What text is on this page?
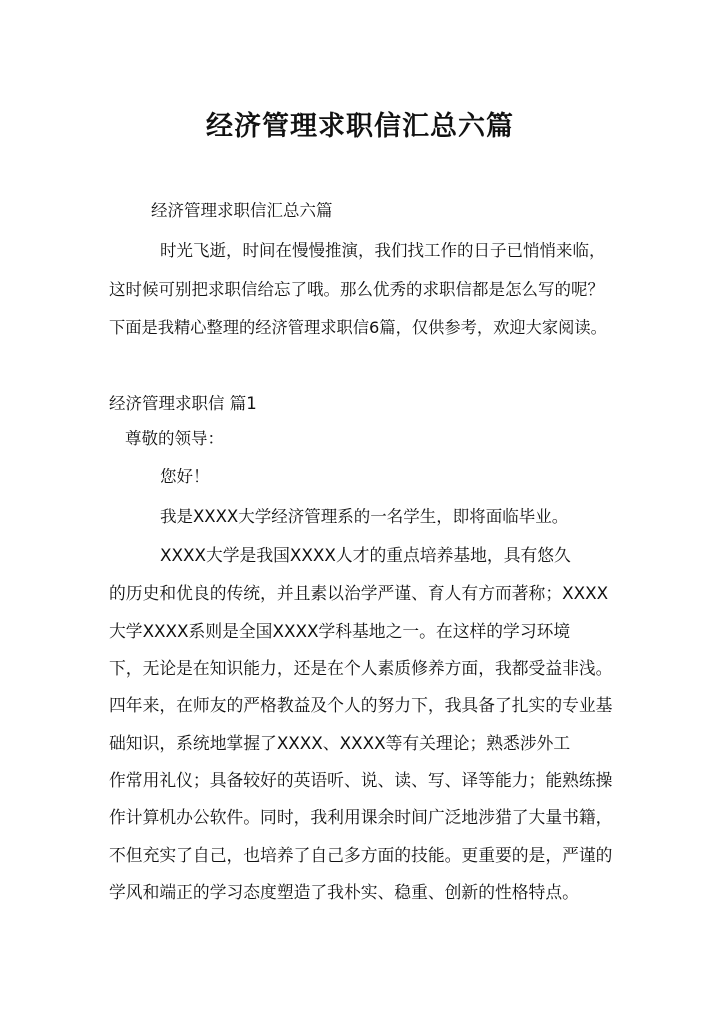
经济管理求职信汇总六篇
经济管理求职信汇总六篇
时光飞逝，时间在慢慢推演，我们找工作的日子已悄悄来临，
这时候可别把求职信给忘了哦。那么优秀的求职信都是怎么写的呢？
下面是我精心整理的经济管理求职信6篇，仅供参考，欢迎大家阅读。
经济管理求职信 篇1
尊敬的领导：
您好！
我是XXXX大学经济管理系的一名学生，即将面临毕业。
XXXX大学是我国XXXX人才的重点培养基地，具有悠久
的历史和优良的传统，并且素以治学严谨、育人有方而著称；XXXX
大学XXXX系则是全国XXXX学科基地之一。在这样的学习环境
下，无论是在知识能力，还是在个人素质修养方面，我都受益非浅。
四年来，在师友的严格教益及个人的努力下，我具备了扎实的专业基
础知识，系统地掌握了XXXX、XXXX等有关理论；熟悉涉外工
作常用礼仪；具备较好的英语听、说、读、写、译等能力；能熟练操
作计算机办公软件。同时，我利用课余时间广泛地涉猎了大量书籍，
不但充实了自己，也培养了自己多方面的技能。更重要的是，严谨的
学风和端正的学习态度塑造了我朴实、稳重、创新的性格特点。
